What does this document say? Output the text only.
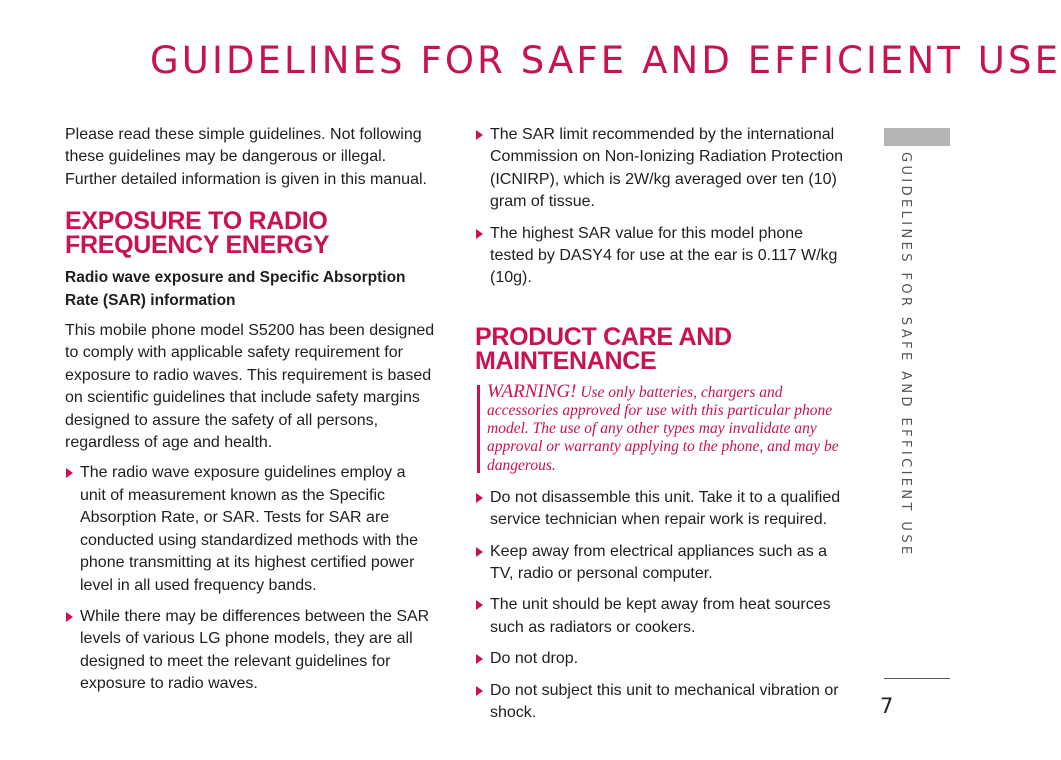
GUIDELINES FOR SAFE AND EFFICIENT USE

Please read these simple guidelines. Not following these guidelines may be dangerous or illegal. Further detailed information is given in this manual.

EXPOSURE TO RADIO FREQUENCY ENERGY

Radio wave exposure and Specific Absorption Rate (SAR) information

This mobile phone model S5200 has been designed to comply with applicable safety requirement for exposure to radio waves. This requirement is based on scientific guidelines that include safety margins designed to assure the safety of all persons, regardless of age and health.

The radio wave exposure guidelines employ a unit of measurement known as the Specific Absorption Rate, or SAR. Tests for SAR are conducted using standardized methods with the phone transmitting at its highest certified power level in all used frequency bands.
While there may be differences between the SAR levels of various LG phone models, they are all designed to meet the relevant guidelines for exposure to radio waves.
The SAR limit recommended by the international Commission on Non-Ionizing Radiation Protection (ICNIRP), which is 2W/kg averaged over ten (10) gram of tissue.
The highest SAR value for this model phone tested by DASY4 for use at the ear is 0.117 W/kg (10g).
PRODUCT CARE AND MAINTENANCE
WARNING! Use only batteries, chargers and accessories approved for use with this particular phone model. The use of any other types may invalidate any approval or warranty applying to the phone, and may be dangerous.
Do not disassemble this unit. Take it to a qualified service technician when repair work is required.
Keep away from electrical appliances such as a TV, radio or personal computer.
The unit should be kept away from heat sources such as radiators or cookers.
Do not drop.
Do not subject this unit to mechanical vibration or shock.
GUIDELINES FOR SAFE AND EFFICIENT USE
7
